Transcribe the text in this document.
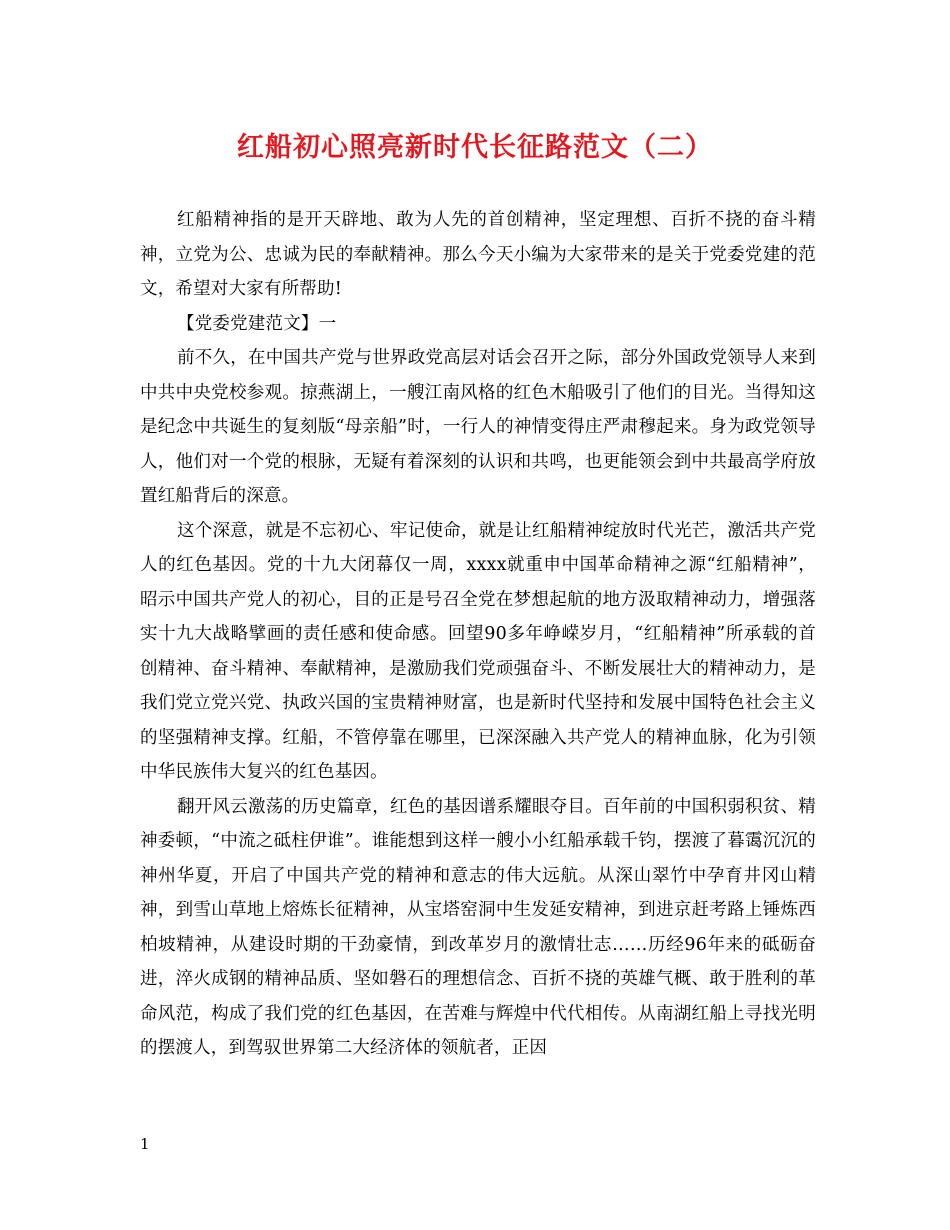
红船初心照亮新时代长征路范文（二）

红船精神指的是开天辟地、敢为人先的首创精神，坚定理想、百折不挠的奋斗精神，立党为公、忠诚为民的奉献精神。那么今天小编为大家带来的是关于党委党建的范文，希望对大家有所帮助!

【党委党建范文】一

前不久，在中国共产党与世界政党高层对话会召开之际，部分外国政党领导人来到中共中央党校参观。掠燕湖上，一艘江南风格的红色木船吸引了他们的目光。当得知这是纪念中共诞生的复刻版“母亲船”时，一行人的神情变得庄严肃穆起来。身为政党领导人，他们对一个党的根脉，无疑有着深刻的认识和共鸣，也更能领会到中共最高学府放置红船背后的深意。

这个深意，就是不忘初心、牢记使命，就是让红船精神绽放时代光芒，激活共产党人的红色基因。党的十九大闭幕仅一周，xxxx就重申中国革命精神之源“红船精神”，昭示中国共产党人的初心，目的正是号召全党在梦想起航的地方汲取精神动力，增强落实十九大战略擘画的责任感和使命感。回望90多年峥嵘岁月，“红船精神”所承载的首创精神、奋斗精神、奉献精神，是激励我们党顽强奋斗、不断发展壮大的精神动力，是我们党立党兴党、执政兴国的宝贵精神财富，也是新时代坚持和发展中国特色社会主义的坚强精神支撑。红船，不管停靠在哪里，已深深融入共产党人的精神血脉，化为引领中华民族伟大复兴的红色基因。

翻开风云激荡的历史篇章，红色的基因谱系耀眼夺目。百年前的中国积弱积贫、精神委顿，“中流之砥柱伊谁”。谁能想到这样一艘小小红船承载千钧，摆渡了暮霭沉沉的神州华夏，开启了中国共产党的精神和意志的伟大远航。从深山翠竹中孕育井冈山精神，到雪山草地上熔炼长征精神，从宝塔窑洞中生发延安精神，到进京赶考路上锤炼西柏坡精神，从建设时期的干劲豪情，到改革岁月的激情壮志……历经96年来的砥砺奋进，淬火成钢的精神品质、坚如磐石的理想信念、百折不挠的英雄气概、敢于胜利的革命风范，构成了我们党的红色基因，在苦难与辉煌中代代相传。从南湖红船上寻找光明的摆渡人，到驾驭世界第二大经济体的领航者，正因

1
